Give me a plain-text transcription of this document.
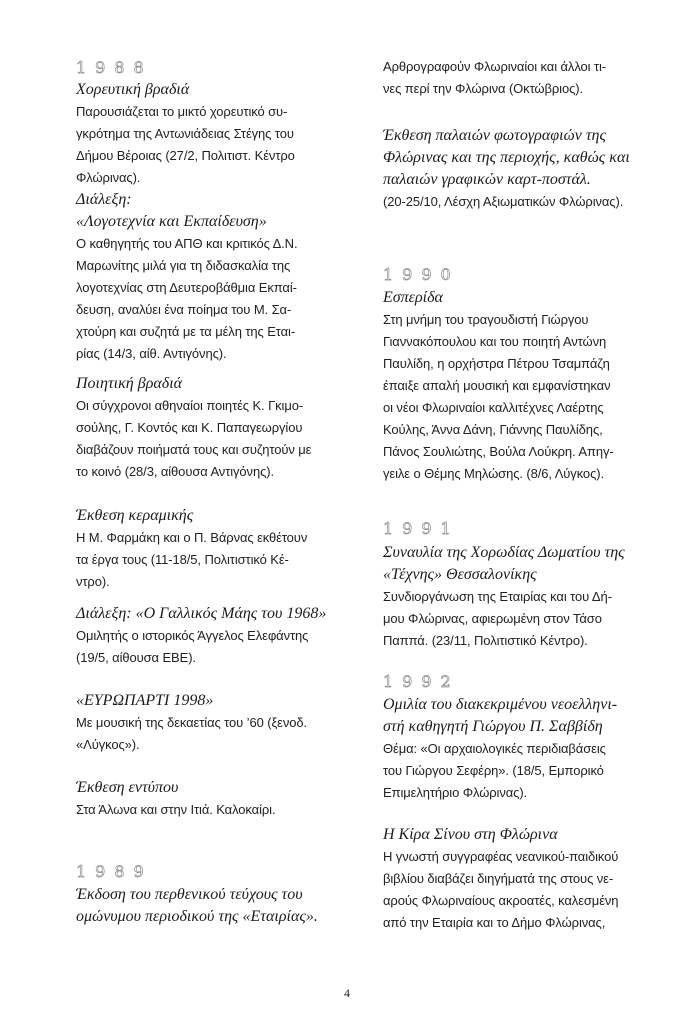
1988
Χορευτική βραδιά
Παρουσιάζεται το μικτό χορευτικό συ-
γκρότημα της Αντωνιάδειας Στέγης του
Δήμου Βέροιας (27/2, Πολιτιστ. Κέντρο
Φλώρινας).
Διάλεξη:
«Λογοτεχνία και Εκπαίδευση»
Ο καθηγητής του ΑΠΘ και κριτικός Δ.Ν.
Μαρωνίτης μιλά για τη διδασκαλία της
λογοτεχνίας στη Δευτεροβάθμια Εκπαί-
δευση, αναλύει ένα ποίημα του Μ. Σα-
χτούρη και συζητά με τα μέλη της Εται-
ρίας (14/3, αίθ. Αντιγόνης).
Ποιητική βραδιά
Οι σύγχρονοι αθηναίοι ποιητές Κ. Γκιμο-
σούλης, Γ. Κοντός και Κ. Παπαγεωργίου
διαβάζουν ποιήματά τους και συζητούν με
το κοινό (28/3, αίθουσα Αντιγόνης).
Έκθεση κεραμικής
Η Μ. Φαρμάκη και ο Π. Βάρνας εκθέτουν
τα έργα τους (11-18/5, Πολιτιστικό Κέ-
ντρο).
Διάλεξη: «Ο Γαλλικός Μάης του 1968»
Ομιλητής ο ιστορικός Άγγελος Ελεφάντης
(19/5, αίθουσα ΕΒΕ).
«ΕΥΡΩΠΑΡΤΙ 1998»
Με μουσική της δεκαετίας του ’60 (ξενοδ.
«Λύγκος»).
Έκθεση εντύπου
Στα Άλωνα και στην Ιτιά. Καλοκαίρι.
1989
Έκδοση του περθενικού τεύχους του
ομώνυμου περιοδικού της «Εταιρίας».
Αρθρογραφούν Φλωριναίοι και άλλοι τι-
νες περί την Φλώρινα (Οκτώβριος).
Έκθεση παλαιών φωτογραφιών της
Φλώρινας και της περιοχής, καθώς και
παλαιών γραφικών καρτ-ποστάλ.
(20-25/10, Λέσχη Αξιωματικών Φλώρινας).
1990
Εσπερίδα
Στη μνήμη του τραγουδιστή Γιώργου
Γιαννακόπουλου και του ποιητή Αντώνη
Παυλίδη, η ορχήστρα Πέτρου Τσαμπάζη
έπαιξε απαλή μουσική και εμφανίστηκαν
οι νέοι Φλωριναίοι καλλιτέχνες Λαέρτης
Κούλης, Άννα Δάνη, Γιάννης Παυλίδης,
Πάνος Σουλιώτης, Βούλα Λούκρη. Απηγ-
γειλε ο Θέμης Μηλώσης. (8/6, Λύγκος).
1991
Συναυλία της Χορωδίας Δωματίου της
«Τέχνης» Θεσσαλονίκης
Συνδιοργάνωση της Εταιρίας και του Δή-
μου Φλώρινας, αφιερωμένη στον Τάσο
Παππά. (23/11, Πολιτιστικό Κέντρο).
1992
Ομιλία του διακεκριμένου νεοελληνι-
στή καθηγητή Γιώργου Π. Σαββίδη
Θέμα: «Οι αρχαιολογικές περιδιαβάσεις
του Γιώργου Σεφέρη». (18/5, Εμπορικό
Επιμελητήριο Φλώρινας).
Η Κίρα Σίνου στη Φλώρινα
Η γνωστή συγγραφέας νεανικού-παιδικού
βιβλίου διαβάζει διηγήματά της στους νε-
αρούς Φλωριναίους ακροατές, καλεσμένη
από την Εταιρία και το Δήμο Φλώρινας,
4
